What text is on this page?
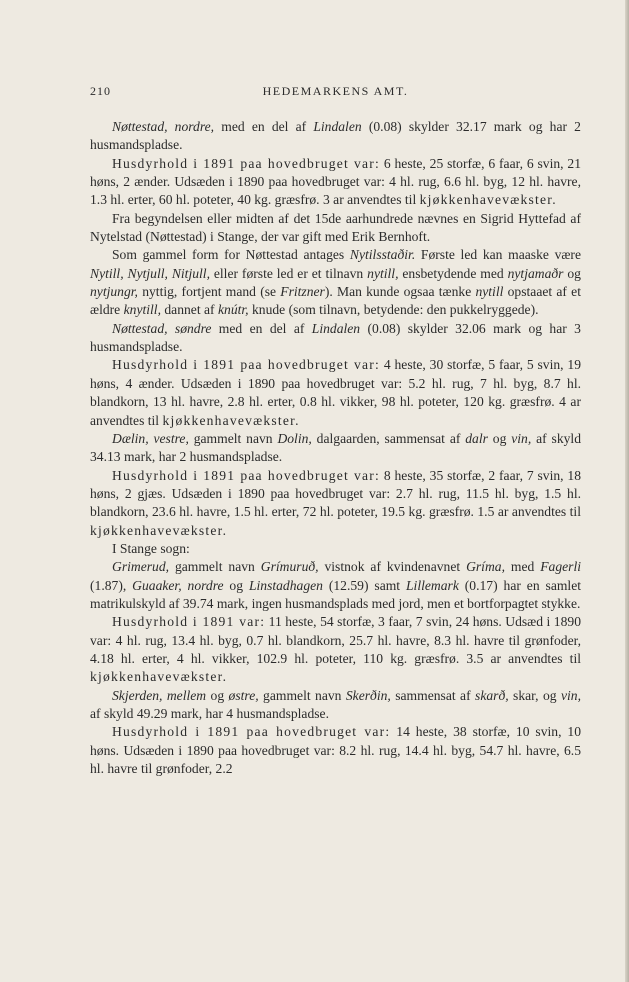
210	HEDEMARKENS AMT.

Nøttestad, nordre, med en del af Lindalen (0.08) skylder 32.17 mark og har 2 husmandspladse.

Husdyrhold i 1891 paa hovedbruget var: 6 heste, 25 storfæ, 6 faar, 6 svin, 21 høns, 2 ænder. Udsæden i 1890 paa hovedbruget var: 4 hl. rug, 6.6 hl. byg, 12 hl. havre, 1.3 hl. erter, 60 hl. poteter, 40 kg. græsfrø. 3 ar anvendtes til kjøkkenhavevækster.

Fra begyndelsen eller midten af det 15de aarhundrede nævnes en Sigrid Hyttefad af Nytelstad (Nøttestad) i Stange, der var gift med Erik Bernhoft.

Som gammel form for Nøttestad antages Nytilsstaðir. Første led kan maaske være Nytill, Nytjull, Nitjull, eller første led er et tilnavn nytill, ensbetydende med nytjamaðr og nytjungr, nyttig, fortjent mand (se Fritzner). Man kunde ogsaa tænke nytill opstaaet af et ældre knytill, dannet af knútr, knude (som tilnavn, betydende: den pukkelryggede).

Nøttestad, søndre med en del af Lindalen (0.08) skylder 32.06 mark og har 3 husmandspladse.

Husdyrhold i 1891 paa hovedbruget var: 4 heste, 30 storfæ, 5 faar, 5 svin, 19 høns, 4 ænder. Udsæden i 1890 paa hovedbruget var: 5.2 hl. rug, 7 hl. byg, 8.7 hl. blandkorn, 13 hl. havre, 2.8 hl. erter, 0.8 hl. vikker, 98 hl. poteter, 120 kg. græsfrø. 4 ar anvendtes til kjøkkenhavevækster.

Dælin, vestre, gammelt navn Dolin, dalgaarden, sammensat af dalr og vin, af skyld 34.13 mark, har 2 husmandspladse.

Husdyrhold i 1891 paa hovedbruget var: 8 heste, 35 storfæ, 2 faar, 7 svin, 18 høns, 2 gjæs. Udsæden i 1890 paa hovedbruget var: 2.7 hl. rug, 11.5 hl. byg, 1.5 hl. blandkorn, 23.6 hl. havre, 1.5 hl. erter, 72 hl. poteter, 19.5 kg. græsfrø. 1.5 ar anvendtes til kjøkkenhavevækster.

I Stange sogn:

Grimerud, gammelt navn Grímuruð, vistnok af kvindenavnet Gríma, med Fagerli (1.87), Guaaker, nordre og Linstadhagen (12.59) samt Lillemark (0.17) har en samlet matrikulskyld af 39.74 mark, ingen husmandsplads med jord, men et bortforpagtet stykke.

Husdyrhold i 1891 var: 11 heste, 54 storfæ, 3 faar, 7 svin, 24 høns. Udsæd i 1890 var: 4 hl. rug, 13.4 hl. byg, 0.7 hl. blandkorn, 25.7 hl. havre, 8.3 hl. havre til grønfoder, 4.18 hl. erter, 4 hl. vikker, 102.9 hl. poteter, 110 kg. græsfrø. 3.5 ar anvendtes til kjøkkenhavevækster.

Skjerden, mellem og østre, gammelt navn Skerðin, sammensat af skarð, skar, og vin, af skyld 49.29 mark, har 4 husmandspladse.

Husdyrhold i 1891 paa hovedbruget var: 14 heste, 38 storfæ, 10 svin, 10 høns. Udsæden i 1890 paa hovedbruget var: 8.2 hl. rug, 14.4 hl. byg, 54.7 hl. havre, 6.5 hl. havre til grønfoder, 2.2
